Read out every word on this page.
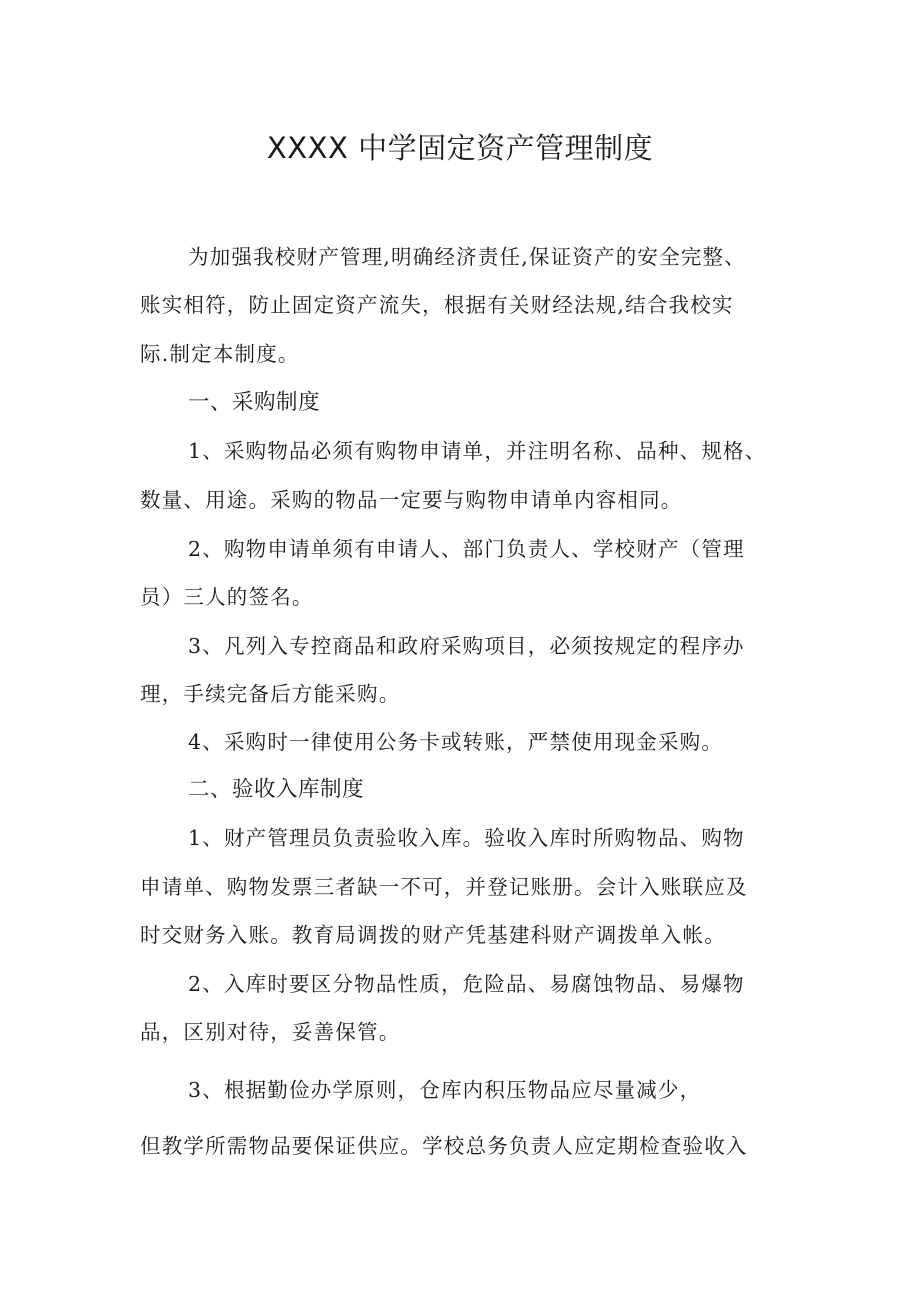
XXXX 中学固定资产管理制度
为加强我校财产管理,明确经济责任,保证资产的安全完整、
账实相符，防止固定资产流失，根据有关财经法规,结合我校实
际.制定本制度。
一、采购制度
1、采购物品必须有购物申请单，并注明名称、品种、规格、
数量、用途。采购的物品一定要与购物申请单内容相同。
2、购物申请单须有申请人、部门负责人、学校财产（管理
员）三人的签名。
3、凡列入专控商品和政府采购项目，必须按规定的程序办
理，手续完备后方能采购。
4、采购时一律使用公务卡或转账，严禁使用现金采购。
二、验收入库制度
1、财产管理员负责验收入库。验收入库时所购物品、购物
申请单、购物发票三者缺一不可，并登记账册。会计入账联应及
时交财务入账。教育局调拨的财产凭基建科财产调拨单入帐。
2、入库时要区分物品性质，危险品、易腐蚀物品、易爆物
品，区别对待，妥善保管。
3、根据勤俭办学原则，仓库内积压物品应尽量减少，
但教学所需物品要保证供应。学校总务负责人应定期检查验收入
